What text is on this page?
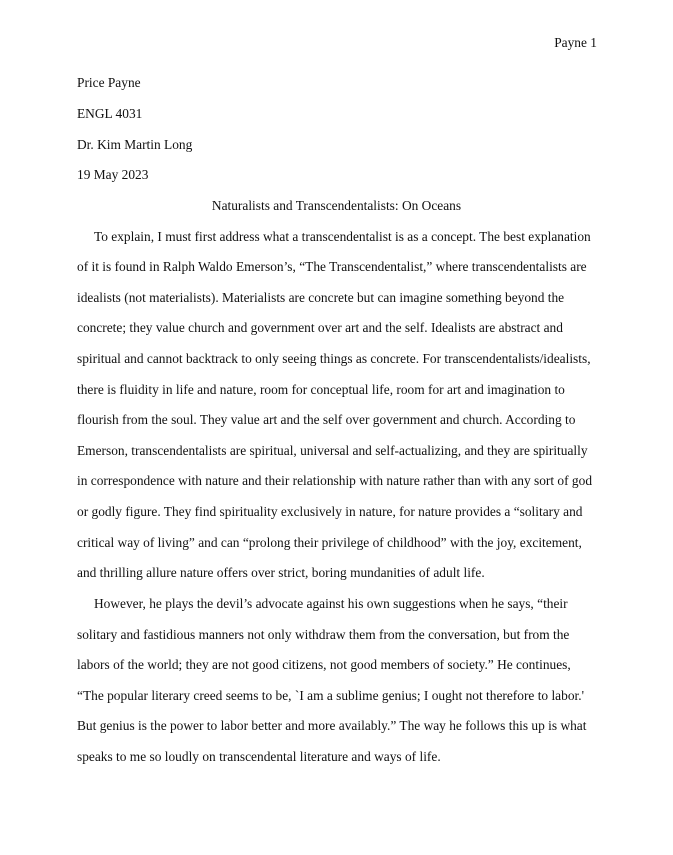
Payne 1
Price Payne
ENGL 4031
Dr. Kim Martin Long
19 May 2023
Naturalists and Transcendentalists: On Oceans
To explain, I must first address what a transcendentalist is as a concept. The best explanation
of it is found in Ralph Waldo Emerson’s, “The Transcendentalist,” where transcendentalists are
idealists (not materialists). Materialists are concrete but can imagine something beyond the
concrete; they value church and government over art and the self. Idealists are abstract and
spiritual and cannot backtrack to only seeing things as concrete. For transcendentalists/idealists,
there is fluidity in life and nature, room for conceptual life, room for art and imagination to
flourish from the soul. They value art and the self over government and church. According to
Emerson, transcendentalists are spiritual, universal and self-actualizing, and they are spiritually
in correspondence with nature and their relationship with nature rather than with any sort of god
or godly figure. They find spirituality exclusively in nature, for nature provides a “solitary and
critical way of living” and can “prolong their privilege of childhood” with the joy, excitement,
and thrilling allure nature offers over strict, boring mundanities of adult life.
However, he plays the devil’s advocate against his own suggestions when he says, “their
solitary and fastidious manners not only withdraw them from the conversation, but from the
labors of the world; they are not good citizens, not good members of society.” He continues,
“The popular literary creed seems to be, `I am a sublime genius; I ought not therefore to labor.'
But genius is the power to labor better and more availably.” The way he follows this up is what
speaks to me so loudly on transcendental literature and ways of life.
